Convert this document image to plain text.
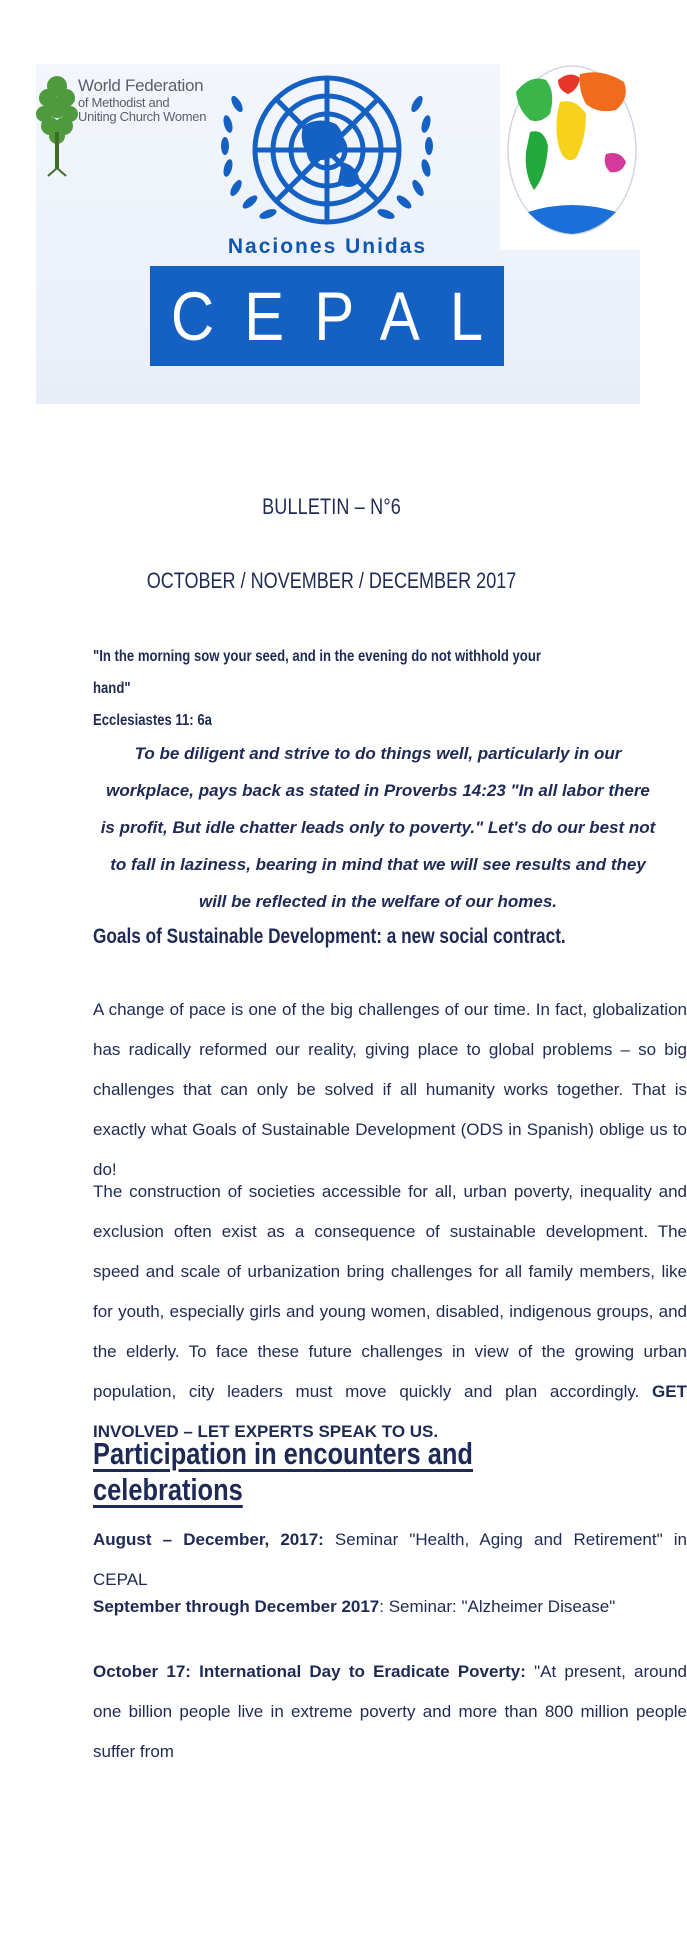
World Federation
of Methodist and
Uniting Church Women
Naciones Unidas
CEPAL
BULLETIN – N°6
OCTOBER / NOVEMBER / DECEMBER 2017
"In the morning sow your seed, and in the evening do not withhold your hand"
Ecclesiastes 11: 6a
To be diligent and strive to do things well, particularly in our workplace, pays back as stated in Proverbs 14:23 "In all labor there is profit, But idle chatter leads only to poverty." Let's do our best not to fall in laziness, bearing in mind that we will see results and they will be reflected in the welfare of our homes.
Goals of Sustainable Development: a new social contract.
A change of pace is one of the big challenges of our time. In fact, globalization has radically reformed our reality, giving place to global problems – so big challenges that can only be solved if all humanity works together. That is exactly what Goals of Sustainable Development (ODS in Spanish) oblige us to do!
The construction of societies accessible for all, urban poverty, inequality and exclusion often exist as a consequence of sustainable development. The speed and scale of urbanization bring challenges for all family members, like for youth, especially girls and young women, disabled, indigenous groups, and the elderly. To face these future challenges in view of the growing urban population, city leaders must move quickly and plan accordingly. GET INVOLVED – LET EXPERTS SPEAK TO US.
Participation in encounters and celebrations
August – December, 2017: Seminar "Health, Aging and Retirement" in CEPAL
September through December 2017: Seminar: "Alzheimer Disease"
October 17: International Day to Eradicate Poverty: "At present, around one billion people live in extreme poverty and more than 800 million people suffer from
